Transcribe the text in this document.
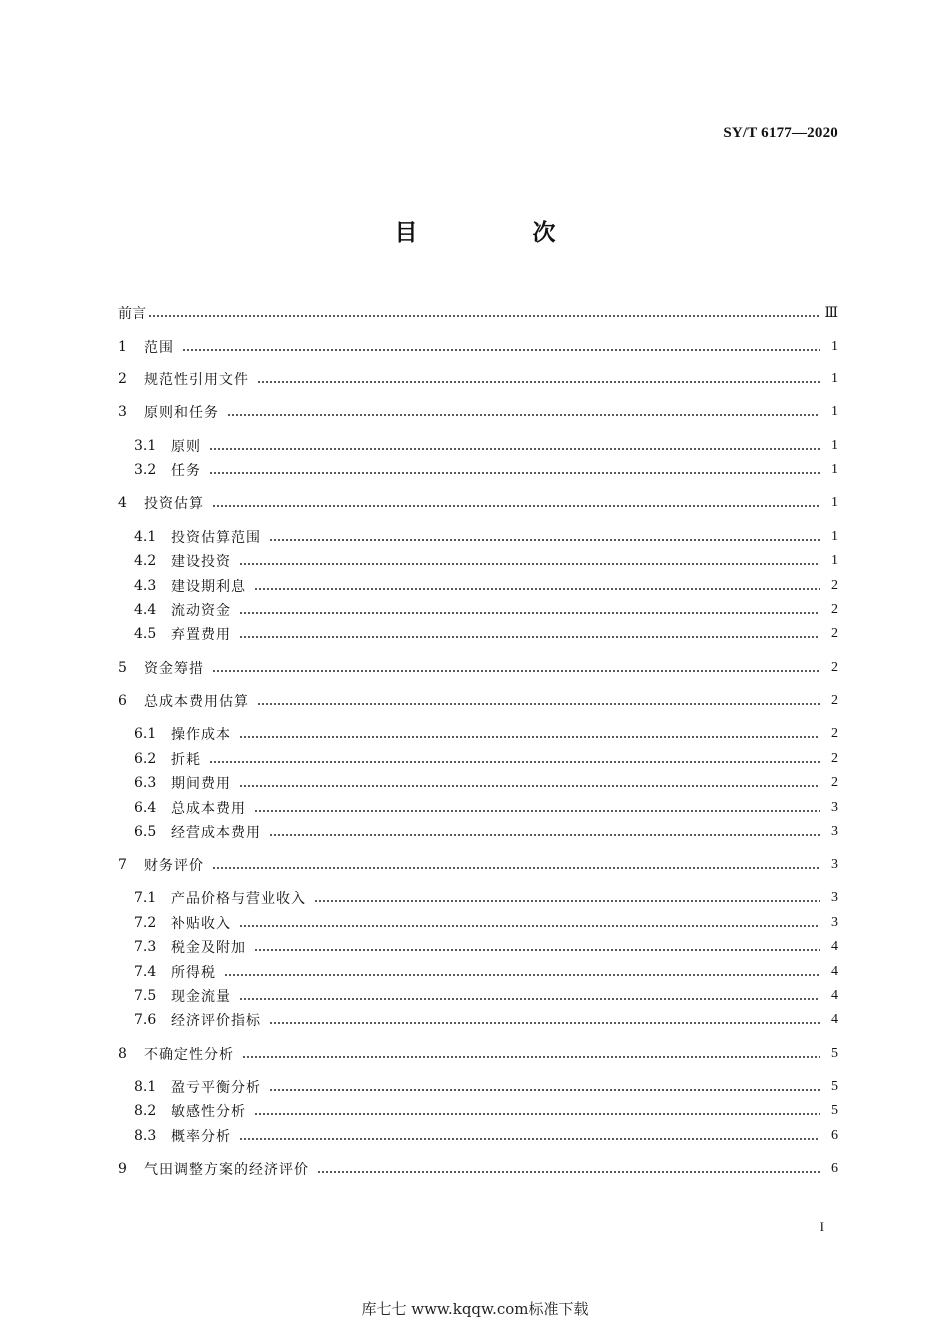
SY/T 6177—2020
目　次
前言	Ⅲ
1	范围	1
2	规范性引用文件	1
3	原则和任务	1
3.1	原则	1
3.2	任务	1
4	投资估算	1
4.1	投资估算范围	1
4.2	建设投资	1
4.3	建设期利息	2
4.4	流动资金	2
4.5	弃置费用	2
5	资金筹措	2
6	总成本费用估算	2
6.1	操作成本	2
6.2	折耗	2
6.3	期间费用	2
6.4	总成本费用	3
6.5	经营成本费用	3
7	财务评价	3
7.1	产品价格与营业收入	3
7.2	补贴收入	3
7.3	税金及附加	4
7.4	所得税	4
7.5	现金流量	4
7.6	经济评价指标	4
8	不确定性分析	5
8.1	盈亏平衡分析	5
8.2	敏感性分析	5
8.3	概率分析	6
9	气田调整方案的经济评价	6
I
库七七 www.kqqw.com标准下载
